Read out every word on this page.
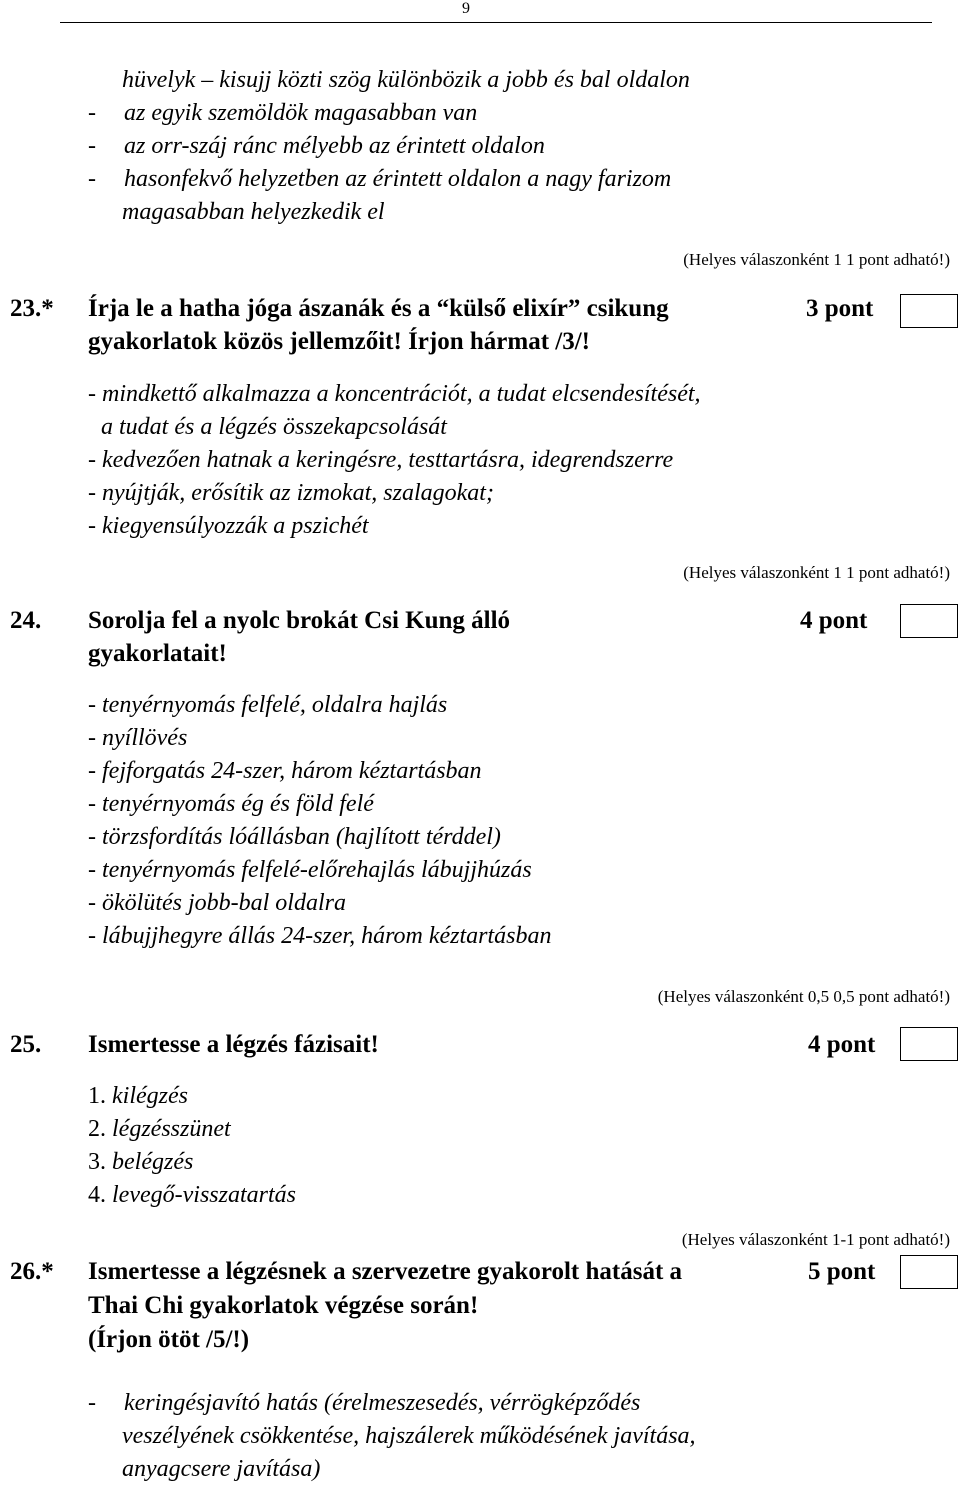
9
hüvelyk – kisujj közti szög különbözik a jobb és bal oldalon
- az egyik szemöldök magasabban van
- az orr-száj ránc mélyebb az érintett oldalon
- hasonfekvő helyzetben az érintett oldalon a nagy farizom
magasabban helyezkedik el
(Helyes válaszonként 1 1 pont adható!)
23.* Írja le a hatha jóga ászanák és a “külső elixír” csikung
gyakorlatok közös jellemzőit! Írjon hármat /3/!
3 pont
- mindkettő alkalmazza a koncentrációt, a tudat elcsendesítését,
a tudat és a légzés összekapcsolását
- kedvezően hatnak a keringésre, testtartásra, idegrendszerre
- nyújtják, erősítik az izmokat, szalagokat;
- kiegyensúlyozzák a pszichét
(Helyes válaszonként 1 1 pont adható!)
24. Sorolja fel a nyolc brokát Csi Kung álló
gyakorlatait!
4 pont
- tenyérnyomás felfelé, oldalra hajlás
- nyíllövés
- fejforgatás 24-szer, három kéztartásban
- tenyérnyomás ég és föld felé
- törzsfordítás lóállásban (hajlított térddel)
- tenyérnyomás felfelé-előrehajlás lábujjhúzás
- ökölütés jobb-bal oldalra
- lábujjhegyre állás 24-szer, három kéztartásban
(Helyes válaszonként 0,5 0,5 pont adható!)
25. Ismertesse a légzés fázisait!	4 pont
1. kilégzés
2. légzésszünet
3. belégzés
4. levegő-visszatartás
(Helyes válaszonként 1-1 pont adható!)
26.* Ismertesse a légzésnek a szervezetre gyakorolt hatását a
Thai Chi gyakorlatok végzése során!
(Írjon ötöt /5/!)
5 pont
- keringésjavító hatás (érelmeszesedés, vérrögképződés
veszélyének csökkentése, hajszálerek működésének javítása,
anyagcsere javítása)
